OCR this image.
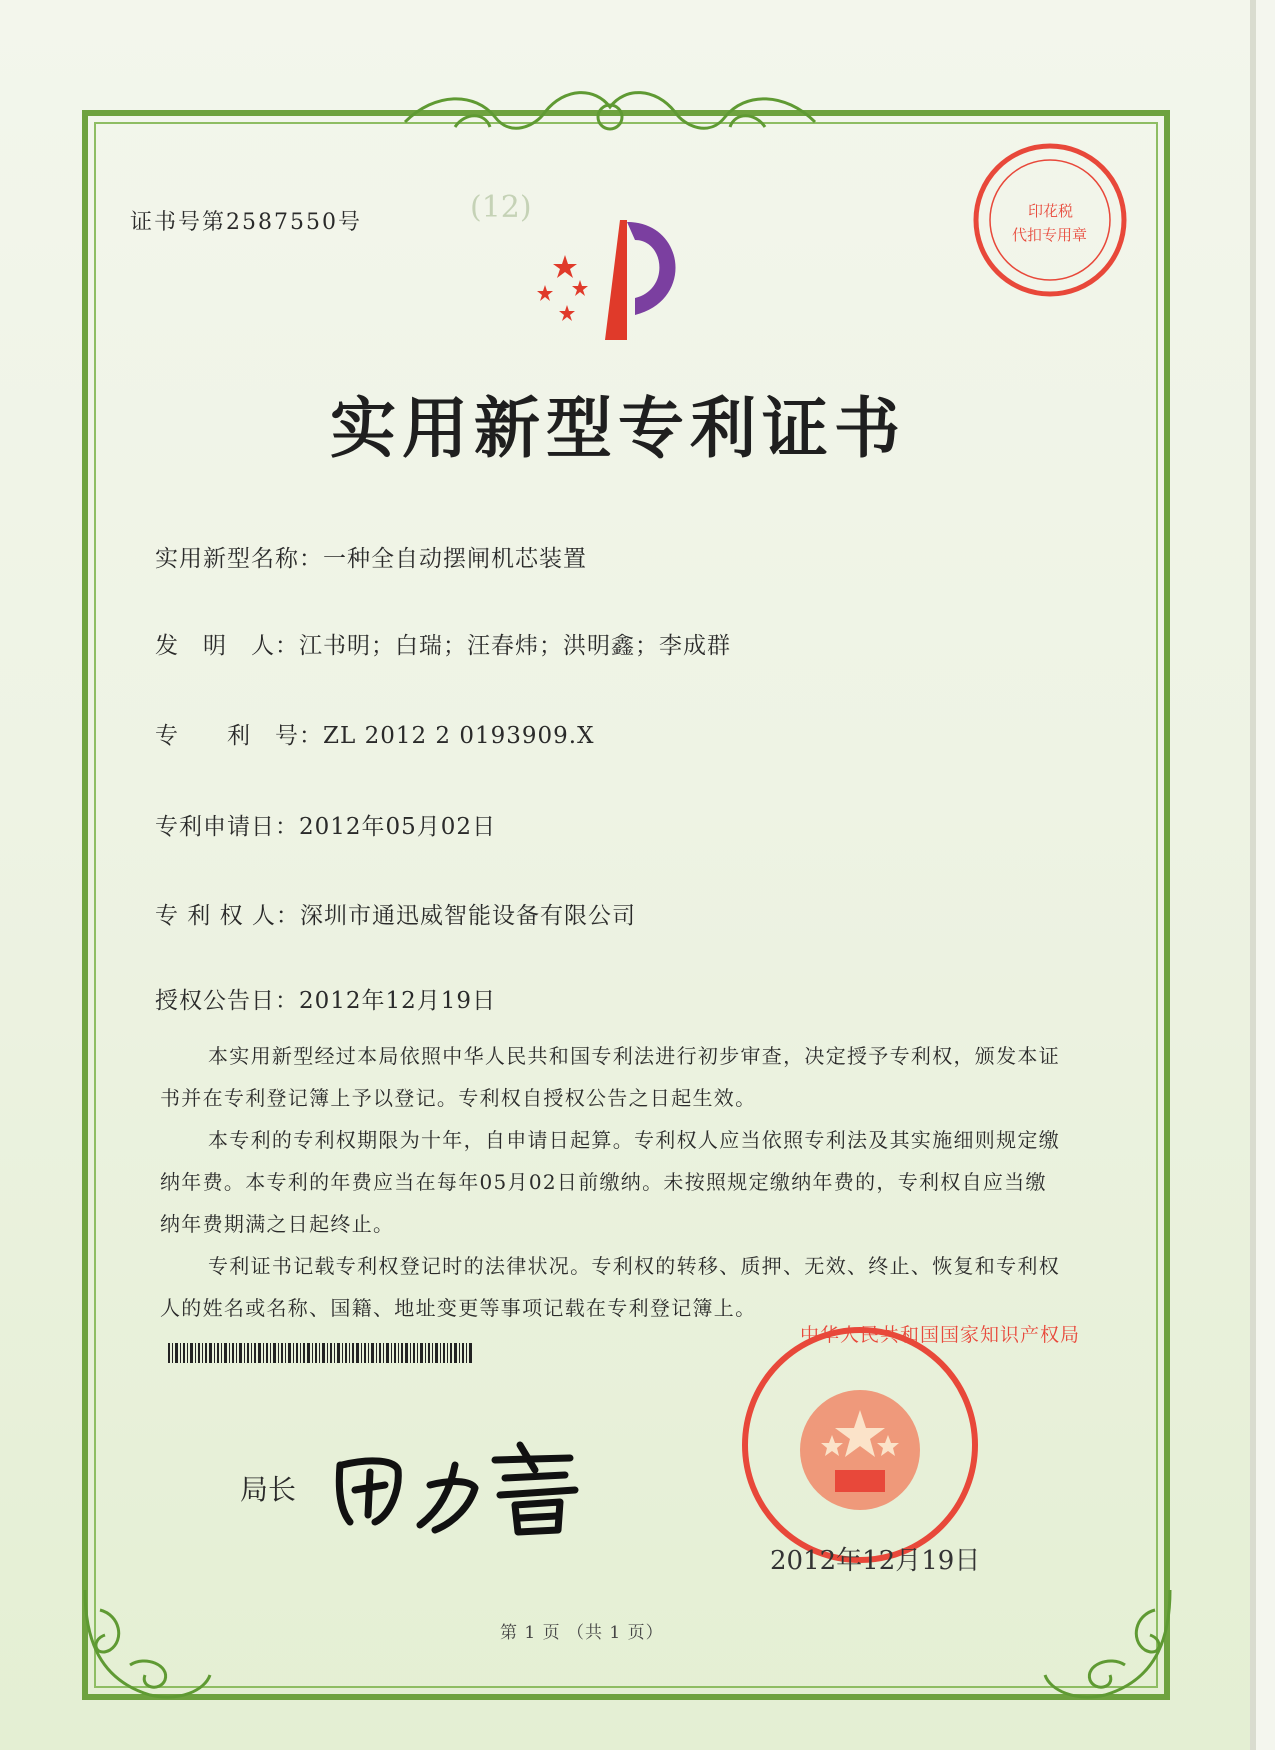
(12)
证书号第2587550号	印花税
代扣专用章
实用新型专利证书
实用新型名称：一种全自动摆闸机芯装置
发　明　人：江书明；白瑞；汪春炜；洪明鑫；李成群
专　　利　号：ZL 2012 2 0193909.X
专利申请日：2012年05月02日
专 利 权 人：深圳市通迅威智能设备有限公司
授权公告日：2012年12月19日

本实用新型经过本局依照中华人民共和国专利法进行初步审查，决定授予专利权，颁发本证书并在专利登记簿上予以登记。专利权自授权公告之日起生效。

本专利的专利权期限为十年，自申请日起算。专利权人应当依照专利法及其实施细则规定缴纳年费。本专利的年费应当在每年05月02日前缴纳。未按照规定缴纳年费的，专利权自应当缴纳年费期满之日起终止。

专利证书记载专利权登记时的法律状况。专利权的转移、质押、无效、终止、恢复和专利权人的姓名或名称、国籍、地址变更等事项记载在专利登记簿上。

局长
中华人民共和国国家知识产权局
2012年12月19日
第 1 页 （共 1 页）
